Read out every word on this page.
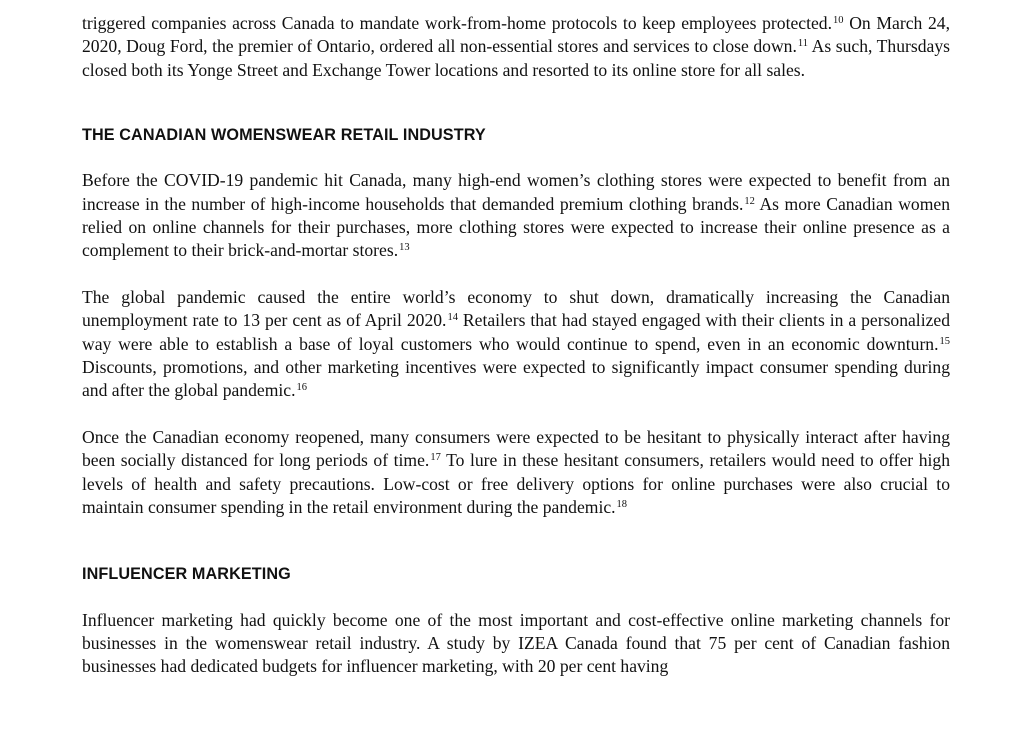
triggered companies across Canada to mandate work-from-home protocols to keep employees protected.$^{10}$ On March 24, 2020, Doug Ford, the premier of Ontario, ordered all non-essential stores and services to close down.$^{11}$ As such, Thursdays closed both its Yonge Street and Exchange Tower locations and resorted to its online store for all sales.

THE CANADIAN WOMENSWEAR RETAIL INDUSTRY

Before the COVID-19 pandemic hit Canada, many high-end women’s clothing stores were expected to benefit from an increase in the number of high-income households that demanded premium clothing brands.$^{12}$ As more Canadian women relied on online channels for their purchases, more clothing stores were expected to increase their online presence as a complement to their brick-and-mortar stores.$^{13}$

The global pandemic caused the entire world’s economy to shut down, dramatically increasing the Canadian unemployment rate to 13 per cent as of April 2020.14 Retailers that had stayed engaged with their clients in a personalized way were able to establish a base of loyal customers who would continue to spend, even in an economic downturn.$^{15}$ Discounts, promotions, and other marketing incentives were expected to significantly impact consumer spending during and after the global pandemic.$^{16}$

Once the Canadian economy reopened, many consumers were expected to be hesitant to physically interact after having been socially distanced for long periods of time.$^{17}$ To lure in these hesitant consumers, retailers would need to offer high levels of health and safety precautions. Low-cost or free delivery options for online purchases were also crucial to maintain consumer spending in the retail environment during the pandemic.$^{18}$

INFLUENCER MARKETING

Influencer marketing had quickly become one of the most important and cost-effective online marketing channels for businesses in the womenswear retail industry. A study by IZEA Canada found that 75 per cent of Canadian fashion businesses had dedicated budgets for influencer marketing, with 20 per cent having
